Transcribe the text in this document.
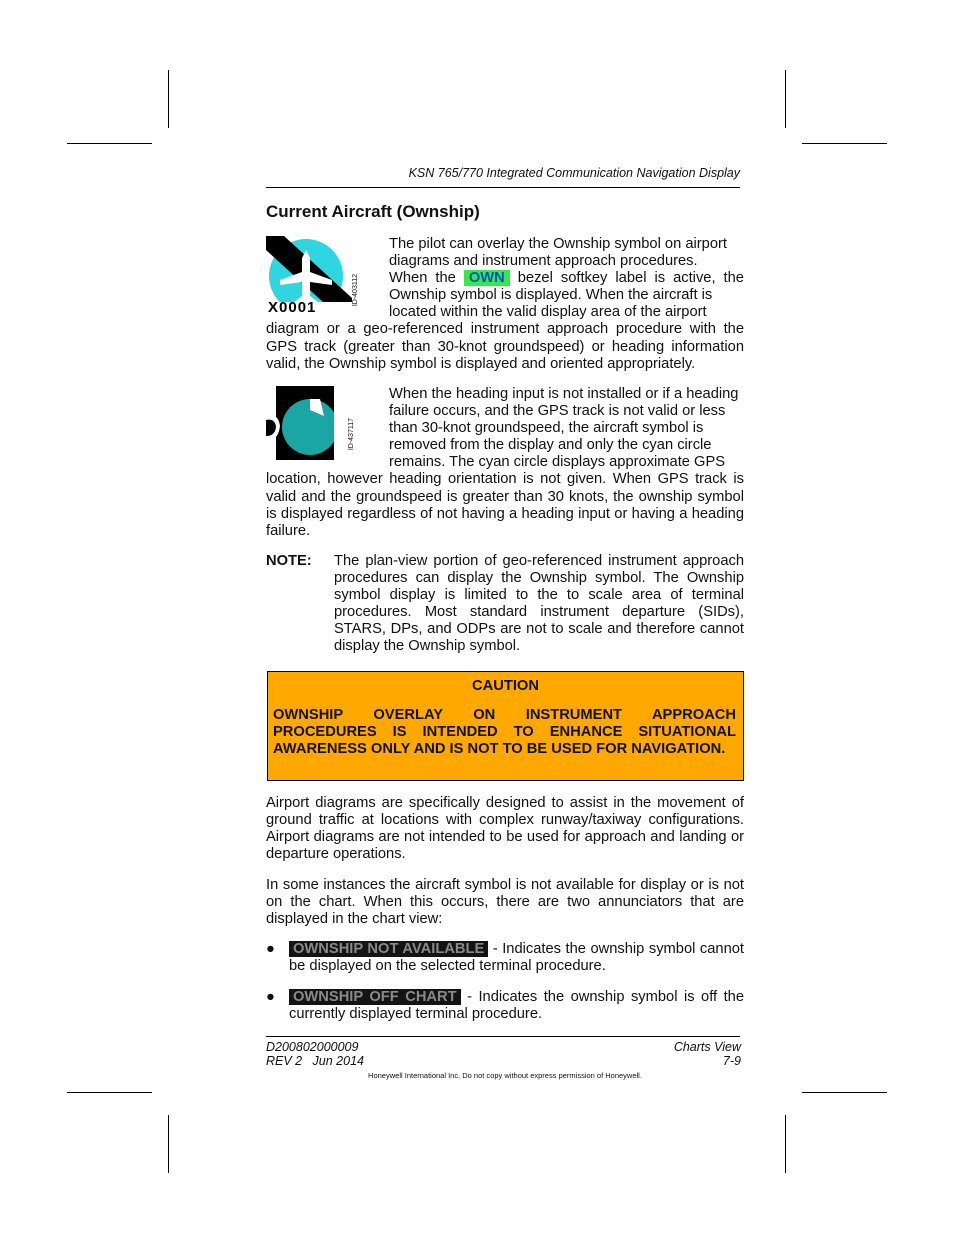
KSN 765/770 Integrated Communication Navigation Display
Current Aircraft (Ownship)
X0001
ID-403112
The pilot can overlay the Ownship symbol on airport
diagrams and instrument approach procedures.
When the OWN bezel softkey label is active, the
Ownship symbol is displayed. When the aircraft is
located within the valid display area of the airport
diagram or a geo-referenced instrument approach procedure with the GPS track (greater than 30-knot groundspeed) or heading information valid, the Ownship symbol is displayed and oriented appropriately.
ID-437117
When the heading input is not installed or if a heading
failure occurs, and the GPS track is not valid or less
than 30-knot groundspeed, the aircraft symbol is
removed from the display and only the cyan circle
remains. The cyan circle displays approximate GPS
location, however heading orientation is not given. When GPS track is valid and the groundspeed is greater than 30 knots, the ownship symbol is displayed regardless of not having a heading input or having a heading failure.
NOTE: The plan-view portion of geo-referenced instrument approach procedures can display the Ownship symbol. The Ownship symbol display is limited to the to scale area of terminal procedures. Most standard instrument departure (SIDs), STARS, DPs, and ODPs are not to scale and therefore cannot display the Ownship symbol.
CAUTION
OWNSHIP OVERLAY ON INSTRUMENT APPROACH PROCEDURES IS INTENDED TO ENHANCE SITUATIONAL AWARENESS ONLY AND IS NOT TO BE USED FOR NAVIGATION.
Airport diagrams are specifically designed to assist in the movement of ground traffic at locations with complex runway/taxiway configurations. Airport diagrams are not intended to be used for approach and landing or departure operations.
In some instances the aircraft symbol is not available for display or is not on the chart. When this occurs, there are two annunciators that are displayed in the chart view:
● OWNSHIP NOT AVAILABLE - Indicates the ownship symbol cannot be displayed on the selected terminal procedure.
● OWNSHIP OFF CHART - Indicates the ownship symbol is off the currently displayed terminal procedure.
D200802000009
REV 2   Jun 2014
Charts View
7-9
Honeywell International Inc. Do not copy without express permission of Honeywell.
